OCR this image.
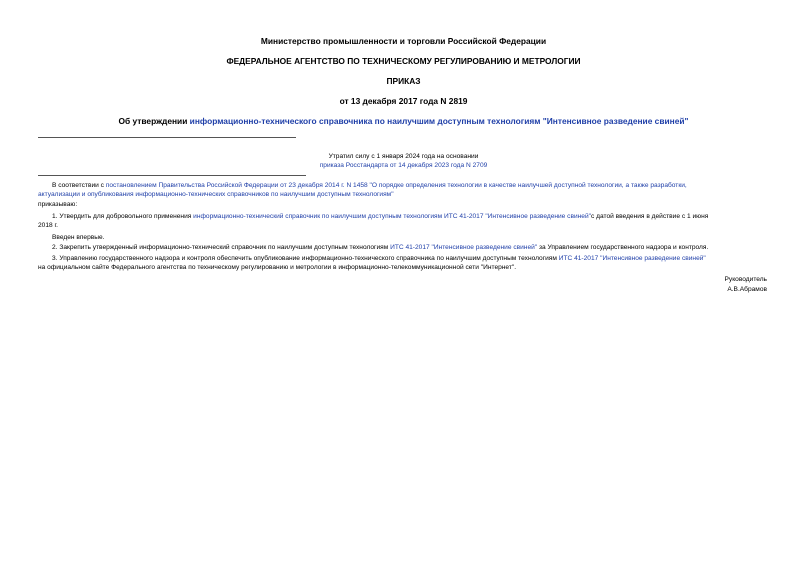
Министерство промышленности и торговли Российской Федерации
ФЕДЕРАЛЬНОЕ АГЕНТСТВО ПО ТЕХНИЧЕСКОМУ РЕГУЛИРОВАНИЮ И МЕТРОЛОГИИ
ПРИКАЗ
от 13 декабря 2017 года N 2819
Об утверждении информационно-технического справочника по наилучшим доступным технологиям "Интенсивное разведение свиней"
Утратил силу с 1 января 2024 года на основании
приказа Росстандарта от 14 декабря 2023 года N 2709
В соответствии с постановлением Правительства Российской Федерации от 23 декабря 2014 г. N 1458 "О порядке определения технологии в качестве наилучшей доступной технологии, а также разработки,
актуализации и опубликования информационно-технических справочников по наилучшим доступным технологиям"
приказываю:
1. Утвердить для добровольного применения информационно-технический справочник по наилучшим доступным технологиям ИТС 41-2017 "Интенсивное разведение свиней"с датой введения в действие с 1 июня
2018 г.
Введен впервые.
2. Закрепить утвержденный информационно-технический справочник по наилучшим доступным технологиям ИТС 41-2017 "Интенсивное разведение свиней" за Управлением государственного надзора и контроля.
3. Управлению государственного надзора и контроля обеспечить опубликование информационно-технического справочника по наилучшим доступным технологиям ИТС 41-2017 "Интенсивное разведение свиней"
на официальном сайте Федерального агентства по техническому регулированию и метрологии в информационно-телекоммуникационной сети "Интернет".
Руководитель
А.В.Абрамов
